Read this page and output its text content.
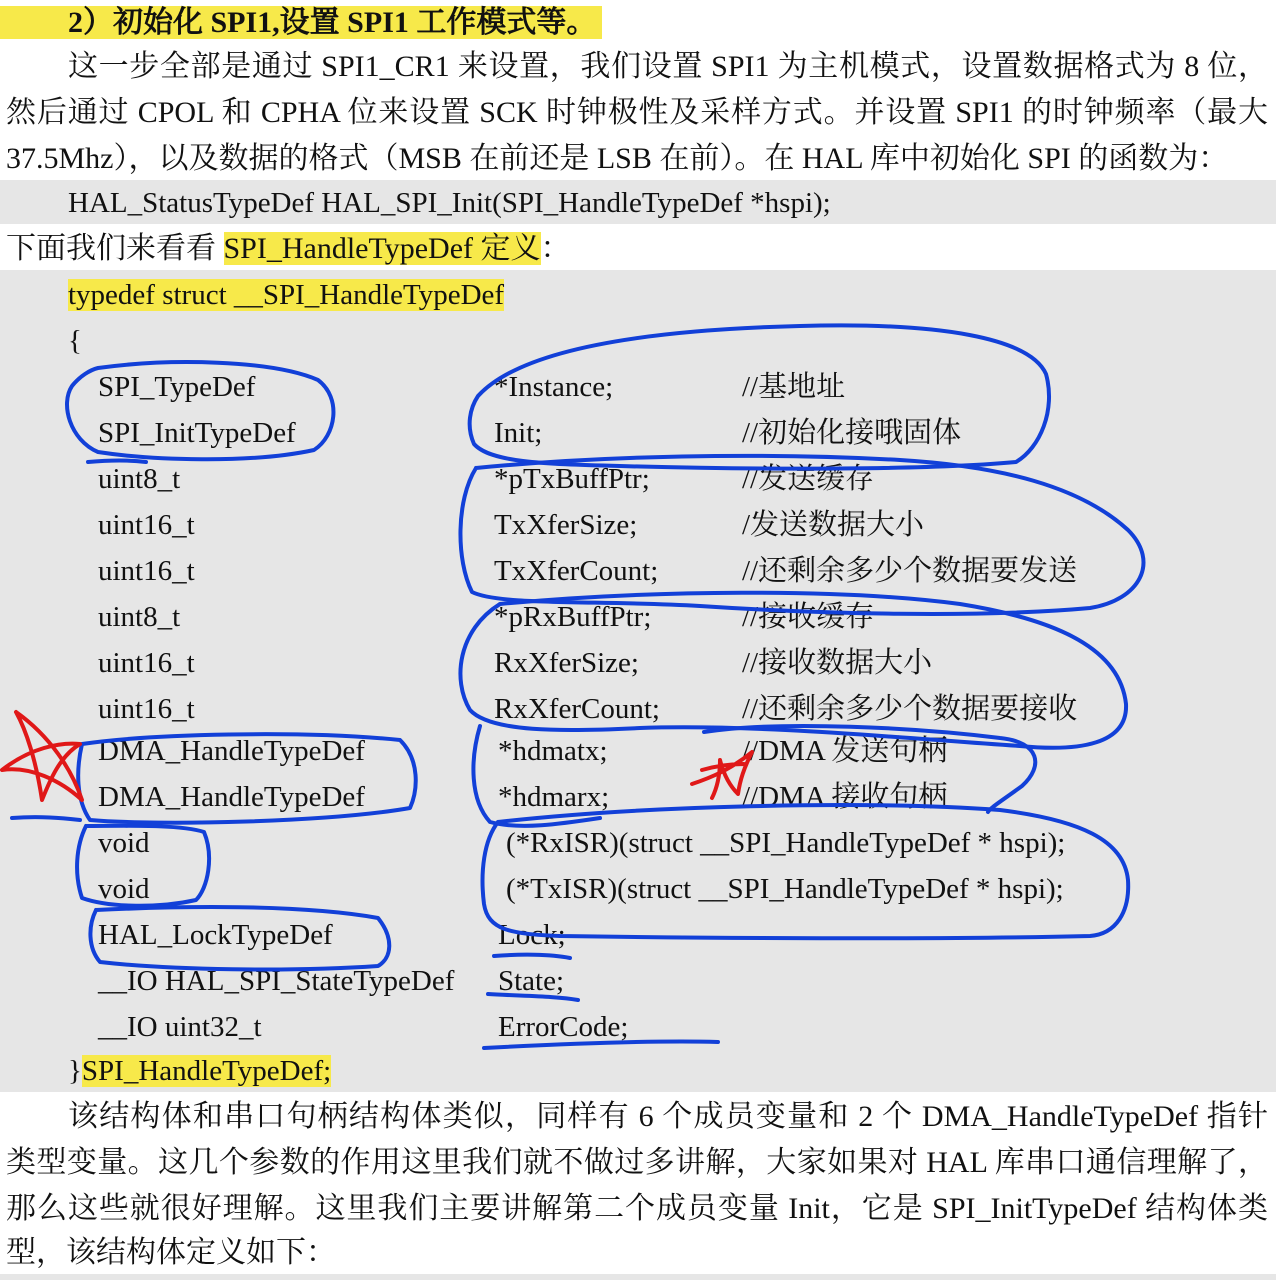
2）初始化 SPI1,设置 SPI1 工作模式等。
这一步全部是通过 SPI1_CR1 来设置，我们设置 SPI1 为主机模式，设置数据格式为 8 位，
然后通过 CPOL 和 CPHA 位来设置 SCK 时钟极性及采样方式。并设置 SPI1 的时钟频率（最大
37.5Mhz），以及数据的格式（MSB 在前还是 LSB 在前）。在 HAL 库中初始化 SPI 的函数为：
HAL_StatusTypeDef HAL_SPI_Init(SPI_HandleTypeDef *hspi);
下面我们来看看 SPI_HandleTypeDef 定义：
typedef struct __SPI_HandleTypeDef
{
SPI_TypeDef	*Instance;	//基地址
SPI_InitTypeDef	Init;	//初始化接哦固体
uint8_t	*pTxBuffPtr;	//发送缓存
uint16_t	TxXferSize;	/发送数据大小
uint16_t	TxXferCount;	//还剩余多少个数据要发送
uint8_t	*pRxBuffPtr;	//接收缓存
uint16_t	RxXferSize;	//接收数据大小
uint16_t	RxXferCount;	//还剩余多少个数据要接收
DMA_HandleTypeDef	*hdmatx;	//DMA 发送句柄
DMA_HandleTypeDef	*hdmarx;	//DMA 接收句柄
void	(*RxISR)(struct __SPI_HandleTypeDef * hspi);
void	(*TxISR)(struct __SPI_HandleTypeDef * hspi);
HAL_LockTypeDef	Lock;
__IO HAL_SPI_StateTypeDef State;
__IO uint32_t	ErrorCode;
}SPI_HandleTypeDef;
该结构体和串口句柄结构体类似，同样有 6 个成员变量和 2 个 DMA_HandleTypeDef 指针
类型变量。这几个参数的作用这里我们就不做过多讲解，大家如果对 HAL 库串口通信理解了，
那么这些就很好理解。这里我们主要讲解第二个成员变量 Init，它是 SPI_InitTypeDef 结构体类
型，该结构体定义如下：
